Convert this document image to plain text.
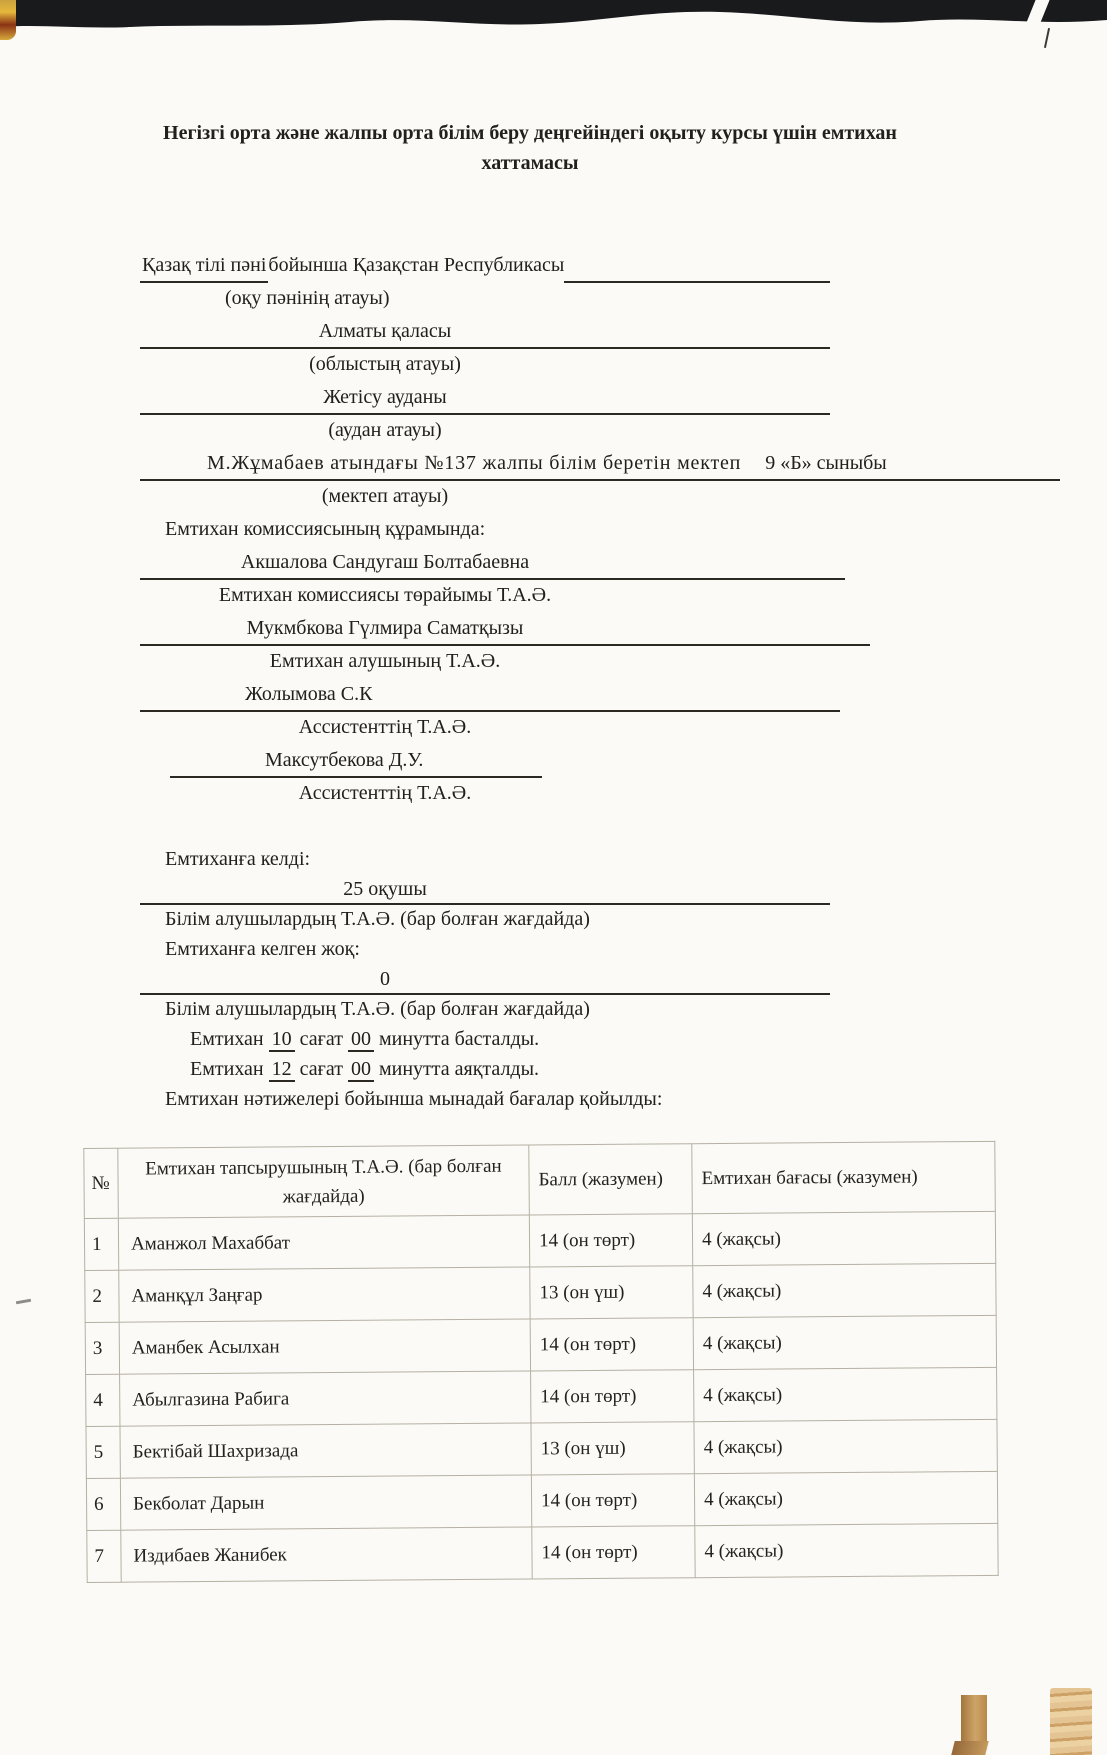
Негізгі орта және жалпы орта білім беру деңгейіндегі оқыту курсы үшін емтихан
хаттамасы
Қазақ тілі пәні бойынша Қазақстан Республикасы
(оқу пәнінің атауы)
Алматы қаласы
(облыстың атауы)
Жетісу ауданы
(аудан атауы)
М.Жұмабаев атындағы №137 жалпы білім беретін мектеп 9 «Б» сыныбы
(мектеп атауы)
Емтихан комиссиясының құрамында:
Акшалова Сандугаш Болтабаевна
Емтихан комиссиясы төрайымы Т.А.Ә.
Мукмбкова Гүлмира Саматқызы
Емтихан алушының Т.А.Ә.
Жолымова С.К
Ассистенттің Т.А.Ә.
Максутбекова Д.У.
Ассистенттің Т.А.Ә.
Емтиханға келді:
25 оқушы
Білім алушылардың Т.А.Ә. (бар болған жағдайда)
Емтиханға келген жоқ:
0
Білім алушылардың Т.А.Ә. (бар болған жағдайда)
Емтихан 10 сағат 00 минутта басталды.
Емтихан 12 сағат 00 минутта аяқталды.
Емтихан нәтижелері бойынша мынадай бағалар қойылды:
№	Емтихан тапсырушының Т.А.Ә. (бар болған жағдайда)	Балл (жазумен)	Емтихан бағасы (жазумен)
1	Аманжол Махаббат	14 (он төрт)	4 (жақсы)
2	Аманқұл Заңғар	13 (он үш)	4 (жақсы)
3	Аманбек Асылхан	14 (он төрт)	4 (жақсы)
4	Абылгазина Рабига	14 (он төрт)	4 (жақсы)
5	Бектібай Шахризада	13 (он үш)	4 (жақсы)
6	Бекболат Дарын	14 (он төрт)	4 (жақсы)
7	Издибаев Жанибек	14 (он төрт)	4 (жақсы)
